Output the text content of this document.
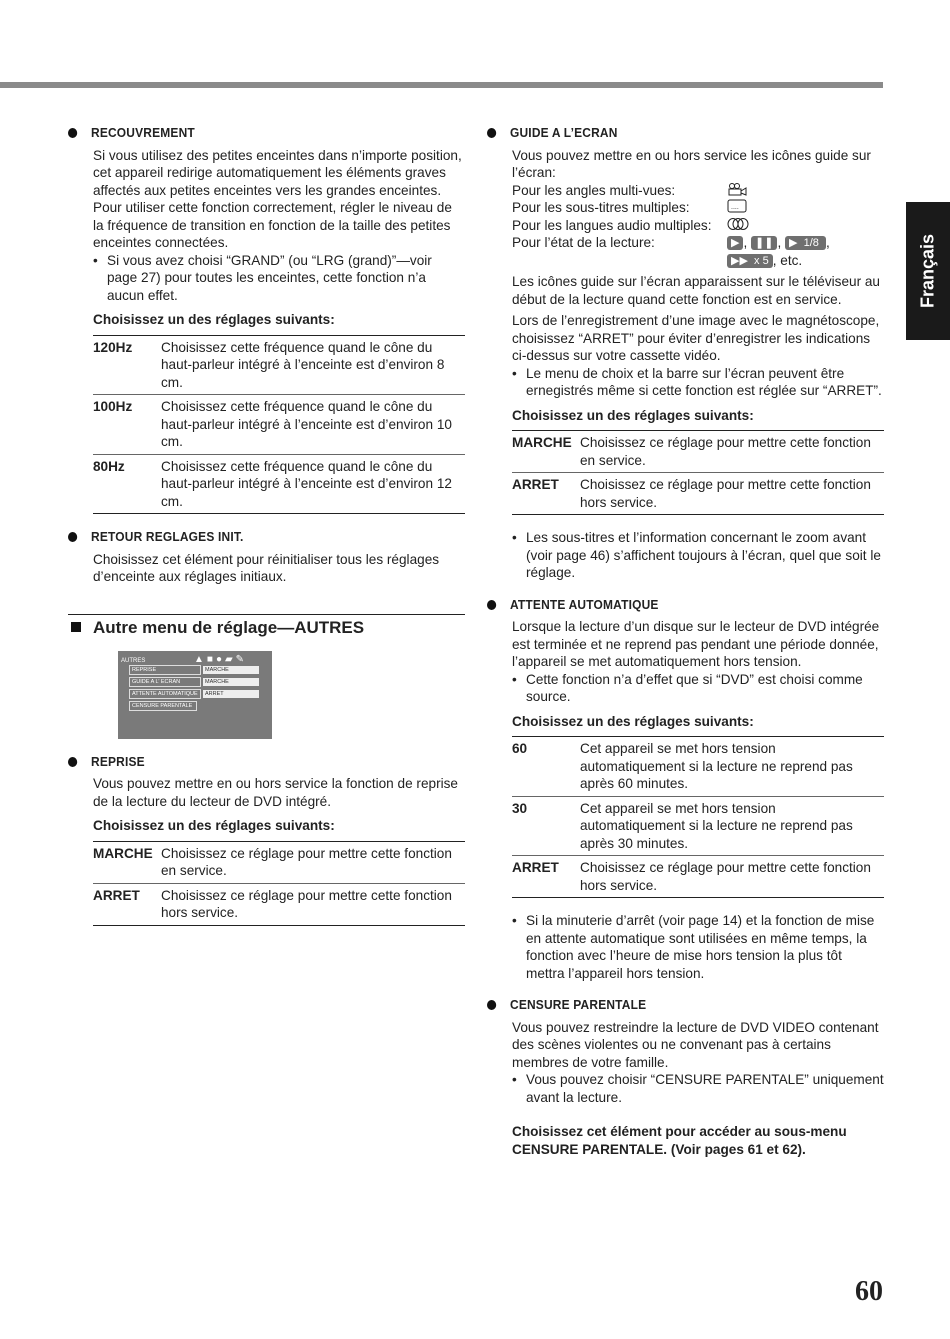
Français
RECOUVREMENT

Si vous utilisez des petites enceintes dans n’importe position, cet appareil redirige automatiquement les éléments graves affectés aux petites enceintes vers les grandes enceintes.

Pour utiliser cette fonction correctement, régler le niveau de la fréquence de transition en fonction de la taille des petites enceintes connectées.

• Si vous avez choisi “GRAND” (ou “LRG (grand)”—voir page 27) pour toutes les enceintes, cette fonction n’a aucun effet.

Choisissez un des réglages suivants:

120Hz	Choisissez cette fréquence quand le cône du haut-parleur intégré à l’enceinte est d’environ 8 cm.
100Hz	Choisissez cette fréquence quand le cône du haut-parleur intégré à l’enceinte est d’environ 10 cm.
80Hz	Choisissez cette fréquence quand le cône du haut-parleur intégré à l’enceinte est d’environ 12 cm.
RETOUR REGLAGES INIT.

Choisissez cet élément pour réinitialiser tous les réglages d’enceinte aux réglages initiaux.

Autre menu de réglage—AUTRES
AUTRES	▲■●▰✎
REPRISE	MARCHE
GUIDE A L’ ECRAN	MARCHE
ATTENTE AUTOMATIQUE ARRET
CENSURE PARENTALE
REPRISE

Vous pouvez mettre en ou hors service la fonction de reprise de la lecture du lecteur de DVD intégré.

Choisissez un des réglages suivants:

MARCHE	Choisissez ce réglage pour mettre cette fonction en service.
ARRET	Choisissez ce réglage pour mettre cette fonction hors service.
GUIDE A L’ECRAN

Vous pouvez mettre en ou hors service les icônes guide sur l’écran:

Pour les angles multi-vues:
Pour les sous-titres multiples:	....
Pour les langues audio multiples:
Pour l’état de la lecture:	▶ , ❚❚ , ▶  1/8 ,
▶▶  x 5 , etc.

Les icônes guide sur l’écran apparaissent sur le téléviseur au début de la lecture quand cette fonction est en service.

Lors de l’enregistrement d’une image avec le magnétoscope, choisissez “ARRET” pour éviter d’enregistrer les indications ci-dessus sur votre cassette vidéo.

• Le menu de choix et la barre sur l’écran peuvent être ernegistrés même si cette fonction est réglée sur “ARRET”.

Choisissez un des réglages suivants:

MARCHE	Choisissez ce réglage pour mettre cette fonction en service.
ARRET	Choisissez ce réglage pour mettre cette fonction hors service.

• Les sous-titres et l’information concernant le zoom avant (voir page 46) s’affichent toujours à l’écran, quel que soit le réglage.

ATTENTE AUTOMATIQUE

Lorsque la lecture d’un disque sur le lecteur de DVD intégrée est terminée et ne reprend pas pendant une période donnée, l’appareil se met automatiquement hors tension.

• Cette fonction n’a d’effet que si “DVD” est choisi comme source.

Choisissez un des réglages suivants:

60	Cet appareil se met hors tension automatiquement si la lecture ne reprend pas après 60 minutes.
30	Cet appareil se met hors tension automatiquement si la lecture ne reprend pas après 30 minutes.
ARRET	Choisissez ce réglage pour mettre cette fonction hors service.

• Si la minuterie d’arrêt (voir page 14) et la fonction de mise en attente automatique sont utilisées en même temps, la fonction avec l’heure de mise hors tension la plus tôt mettra l’appareil hors tension.

CENSURE PARENTALE

Vous pouvez restreindre la lecture de DVD VIDEO contenant des scènes violentes ou ne convenant pas à certains membres de votre famille.

• Vous pouvez choisir “CENSURE PARENTALE” uniquement avant la lecture.

Choisissez cet élément pour accéder au sous-menu CENSURE PARENTALE. (Voir pages 61 et 62).

60
